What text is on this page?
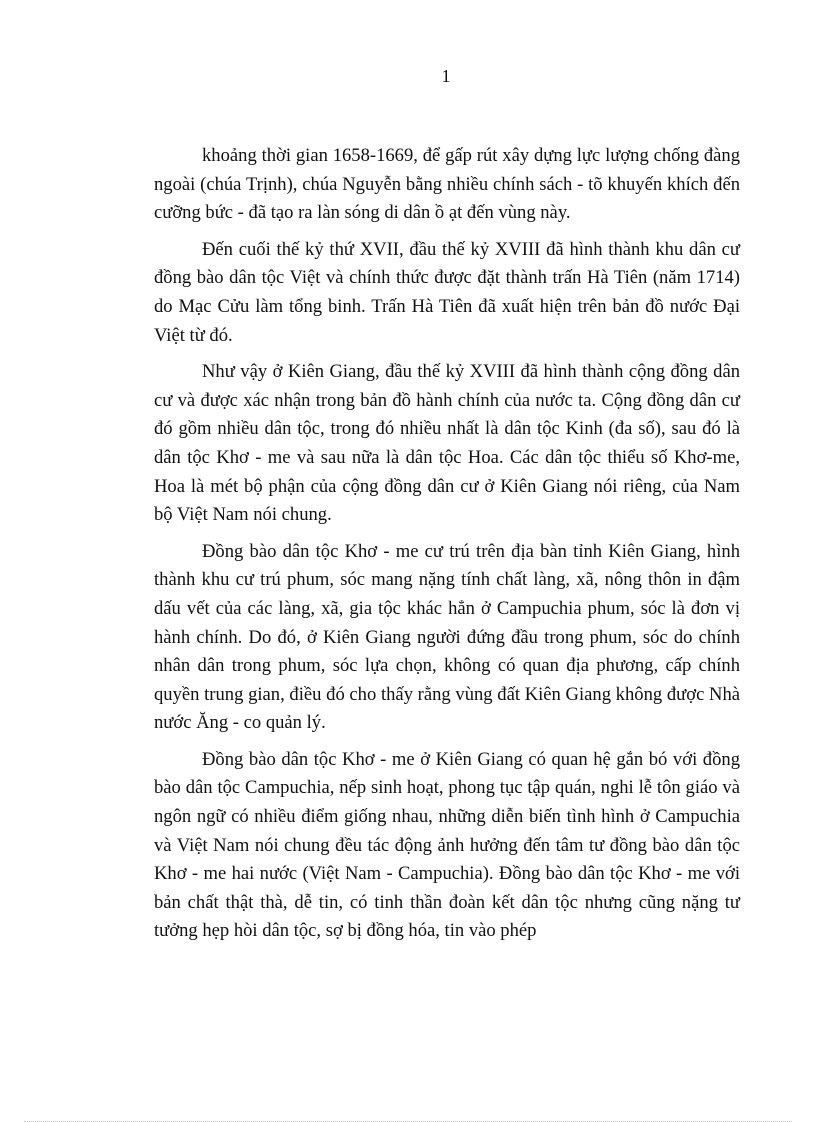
1

khoảng thời gian 1658-1669, để gấp rút xây dựng lực lượng chống đàng ngoài (chúa Trịnh), chúa Nguyễn bằng nhiều chính sách - tõ khuyến khích đến cưỡng bức - đã tạo ra làn sóng di dân ồ ạt đến vùng này.

Đến cuối thế kỷ thứ XVII, đầu thế kỷ XVIII đã hình thành khu dân cư đồng bào dân tộc Việt và chính thức được đặt thành trấn Hà Tiên (năm 1714) do Mạc Cửu làm tổng binh. Trấn Hà Tiên đã xuất hiện trên bản đồ nước Đại Việt từ đó.

Như vậy ở Kiên Giang, đầu thế kỷ XVIII đã hình thành cộng đồng dân cư và được xác nhận trong bản đồ hành chính của nước ta. Cộng đồng dân cư đó gồm nhiều dân tộc, trong đó nhiều nhất là dân tộc Kinh (đa số), sau đó là dân tộc Khơ - me và sau nữa là dân tộc Hoa. Các dân tộc thiểu số Khơ-me, Hoa là mét bộ phận của cộng đồng dân cư ở Kiên Giang nói riêng, của Nam bộ Việt Nam nói chung.

Đồng bào dân tộc Khơ - me cư trú trên địa bàn tỉnh Kiên Giang, hình thành khu cư trú phum, sóc mang nặng tính chất làng, xã, nông thôn in đậm dấu vết của các làng, xã, gia tộc khác hẳn ở Campuchia phum, sóc là đơn vị hành chính. Do đó, ở Kiên Giang người đứng đầu trong phum, sóc do chính nhân dân trong phum, sóc lựa chọn, không có quan địa phương, cấp chính quyền trung gian, điều đó cho thấy rằng vùng đất Kiên Giang không được Nhà nước Ăng - co quản lý.

Đồng bào dân tộc Khơ - me ở Kiên Giang có quan hệ gắn bó với đồng bào dân tộc Campuchia, nếp sinh hoạt, phong tục tập quán, nghi lễ tôn giáo và ngôn ngữ có nhiều điểm giống nhau, những diễn biến tình hình ở Campuchia và Việt Nam nói chung đều tác động ảnh hưởng đến tâm tư đồng bào dân tộc Khơ - me hai nước (Việt Nam - Campuchia). Đồng bào dân tộc Khơ - me với bản chất thật thà, dễ tin, có tinh thần đoàn kết dân tộc nhưng cũng nặng tư tưởng hẹp hòi dân tộc, sợ bị đồng hóa, tin vào phép
